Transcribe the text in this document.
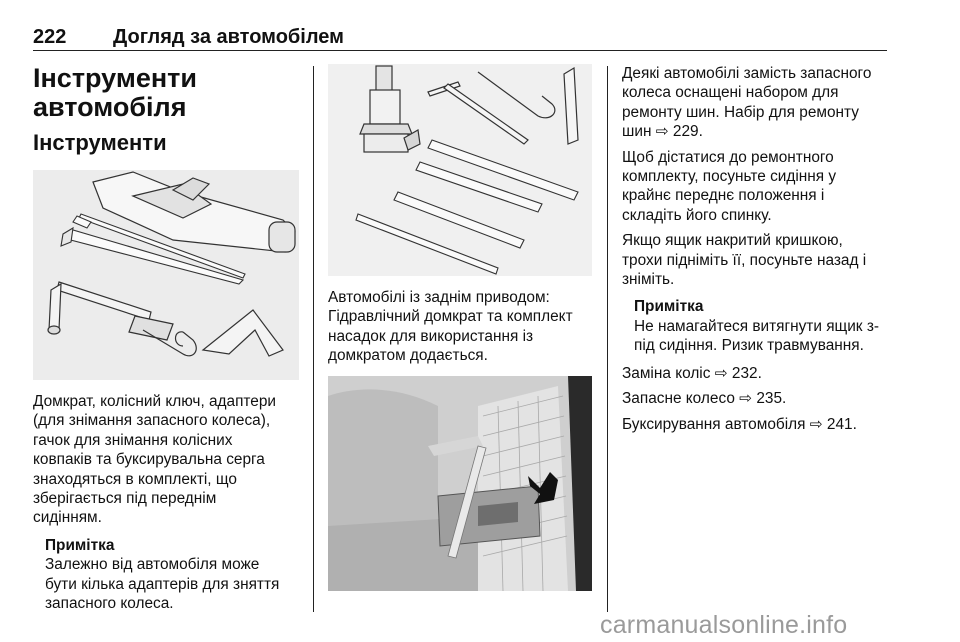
222 Догляд за автомобілем
Інструменти
автомобіля
Інструменти
Домкрат, колісний ключ, адаптери
(для знімання запасного колеса),
гачок для знімання колісних
ковпаків та буксирувальна серга
знаходяться в комплекті, що
зберігається під переднім
сидінням.
Примітка
Залежно від автомобіля може
бути кілька адаптерів для зняття
запасного колеса.
Автомобілі із заднім приводом:
Гідравлічний домкрат та комплект
насадок для використання із
домкратом додається.
Деякі автомобілі замість запасного
колеса оснащені набором для
ремонту шин. Набір для ремонту
шин ⇨ 229.
Щоб дістатися до ремонтного
комплекту, посуньте сидіння у
крайнє переднє положення і
складіть його спинку.
Якщо ящик накритий кришкою,
трохи підніміть її, посуньте назад і
зніміть.
Примітка
Не намагайтеся витягнути ящик з-
під сидіння. Ризик травмування.
Заміна коліс ⇨ 232.
Запасне колесо ⇨ 235.
Буксирування автомобіля ⇨ 241.
carmanualsonline.info
